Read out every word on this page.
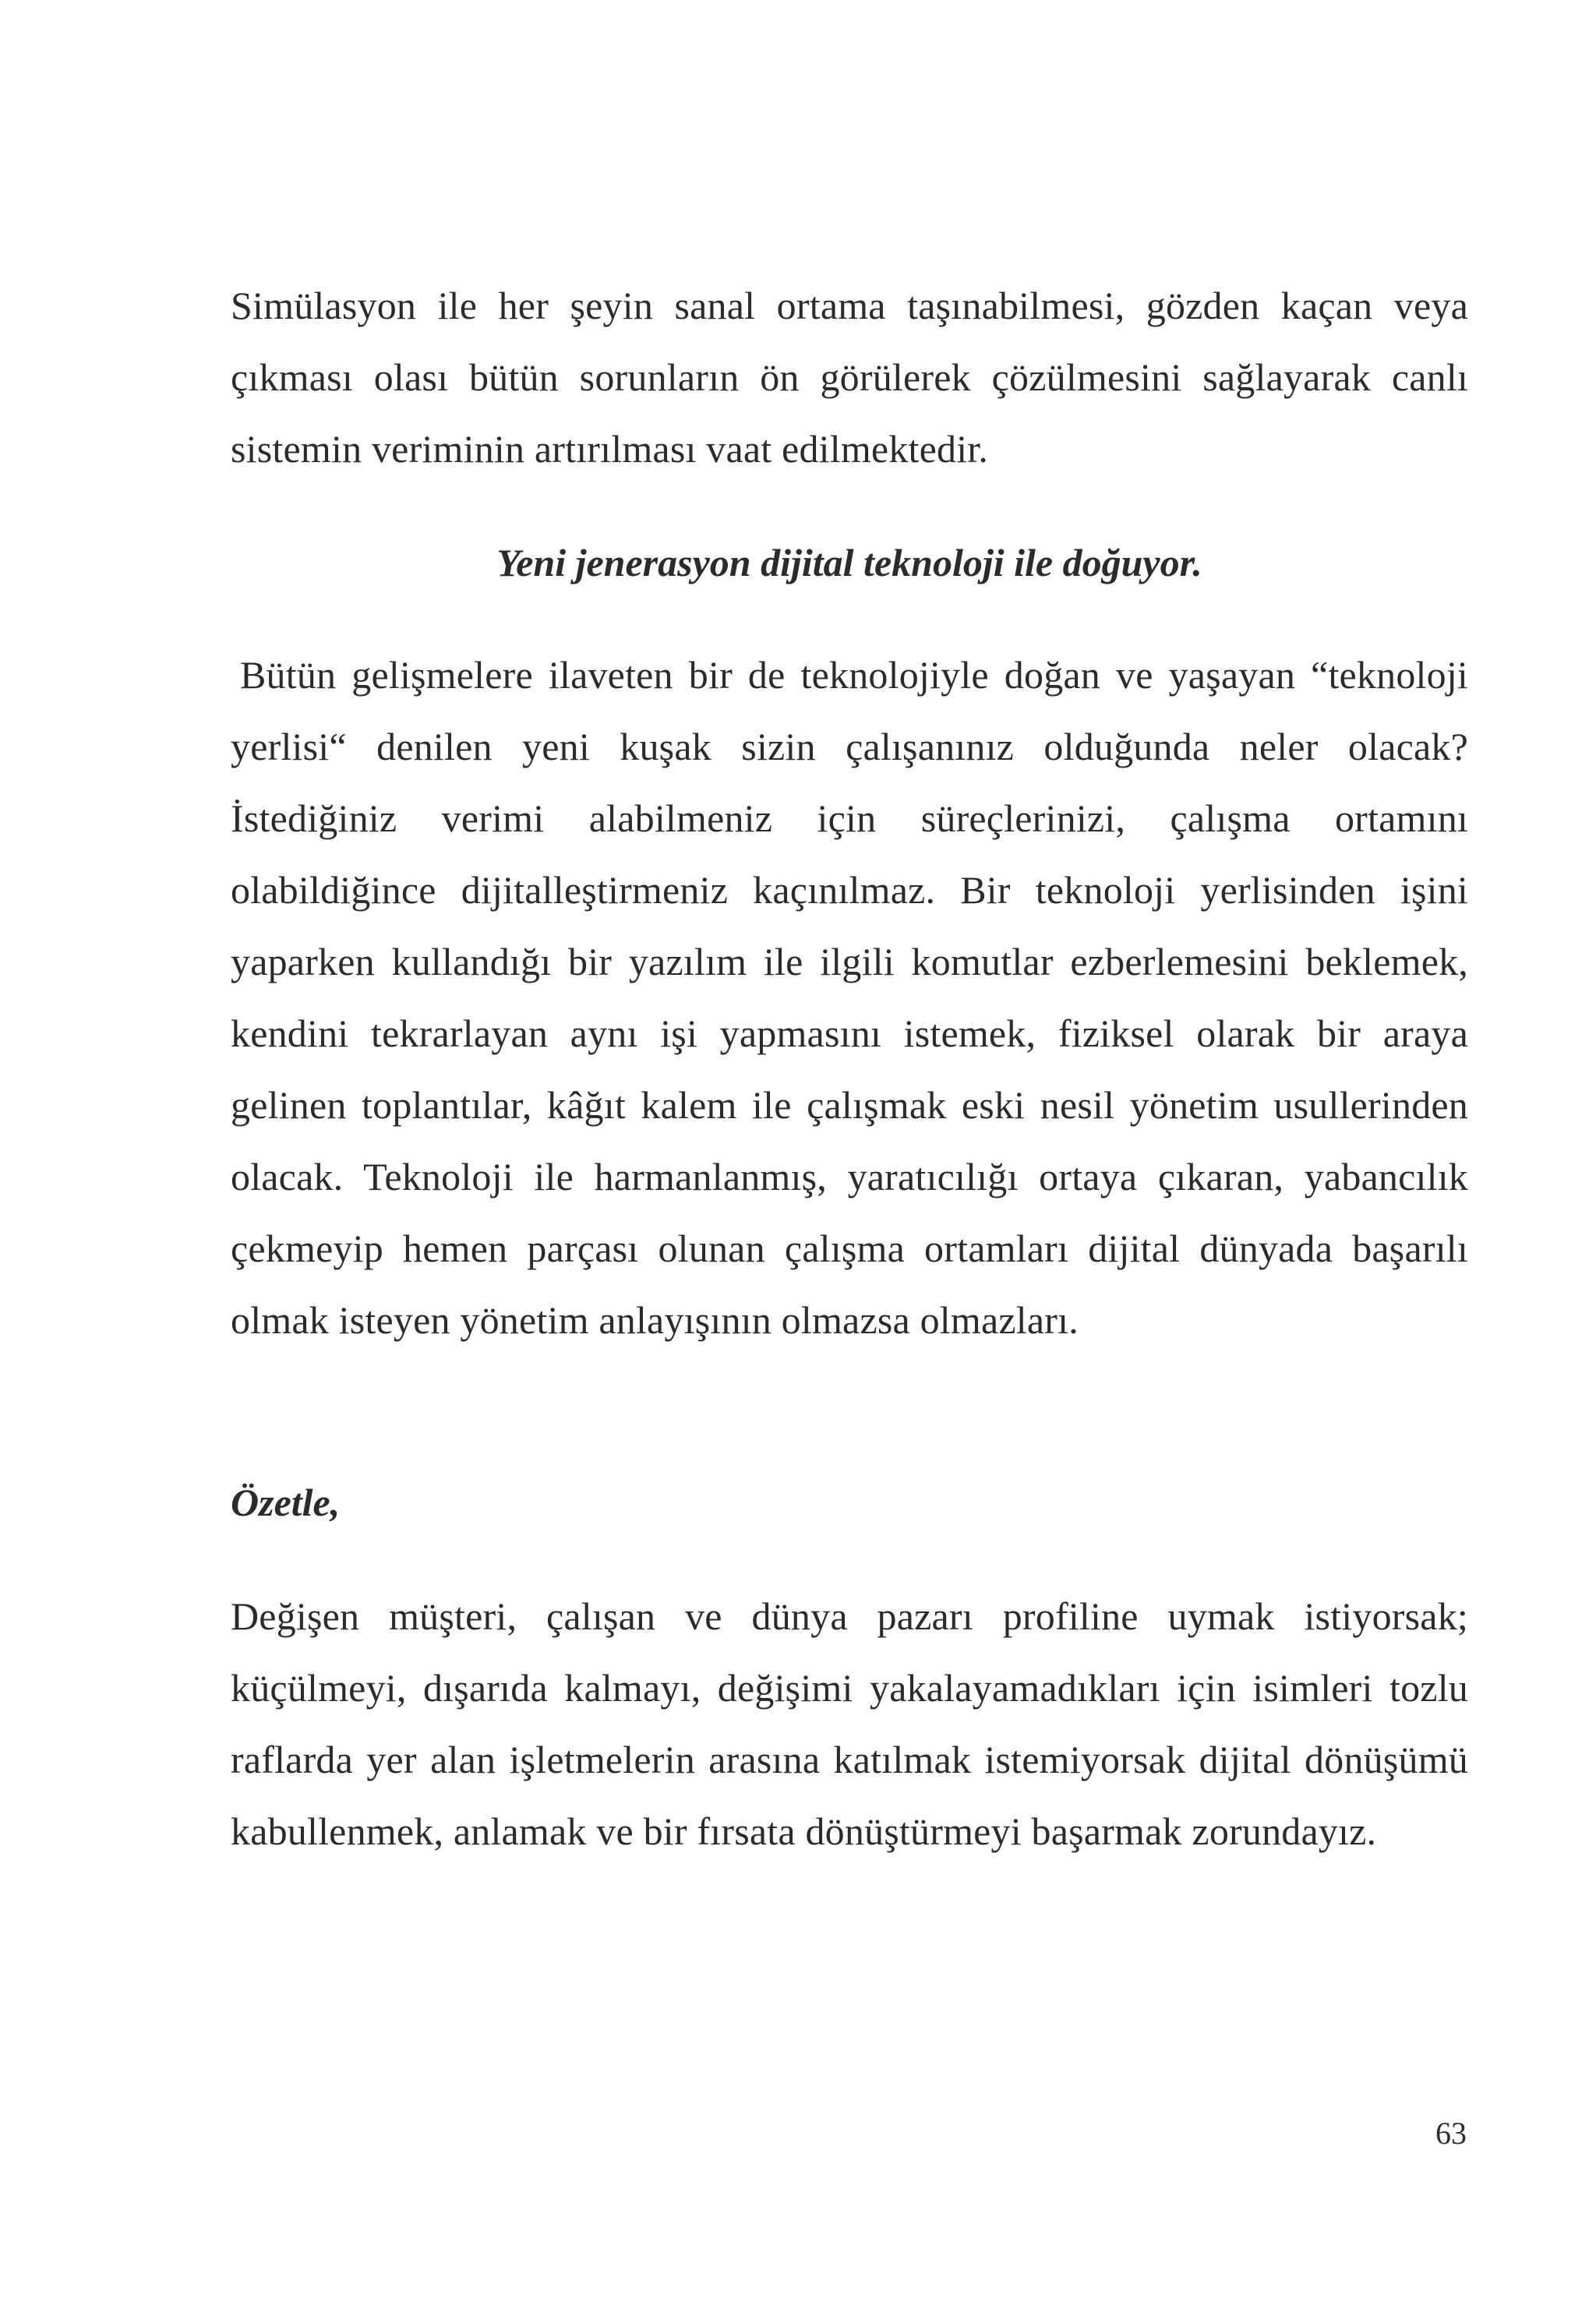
Simülasyon ile her şeyin sanal ortama taşınabilmesi, gözden kaçan veya çıkması olası bütün sorunların ön görülerek çözülmesini sağlayarak canlı sistemin veriminin artırılması vaat edilmektedir.

Yeni jenerasyon dijital teknoloji ile doğuyor.

Bütün gelişmelere ilaveten bir de teknolojiyle doğan ve yaşayan “teknoloji yerlisi“ denilen yeni kuşak sizin çalışanınız olduğunda neler olacak? İstediğiniz verimi alabilmeniz için süreçlerinizi, çalışma ortamını olabildiğince dijitalleştirmeniz kaçınılmaz. Bir teknoloji yerlisinden işini yaparken kullandığı bir yazılım ile ilgili komutlar ezberlemesini beklemek, kendini tekrarlayan aynı işi yapmasını istemek, fiziksel olarak bir araya gelinen toplantılar, kâğıt kalem ile çalışmak eski nesil yönetim usullerinden olacak. Teknoloji ile harmanlanmış, yaratıcılığı ortaya çıkaran, yabancılık çekmeyip hemen parçası olunan çalışma ortamları dijital dünyada başarılı olmak isteyen yönetim anlayışının olmazsa olmazları.

Özetle,

Değişen müşteri, çalışan ve dünya pazarı profiline uymak istiyorsak; küçülmeyi, dışarıda kalmayı, değişimi yakalayamadıkları için isimleri tozlu raflarda yer alan işletmelerin arasına katılmak istemiyorsak dijital dönüşümü kabullenmek, anlamak ve bir fırsata dönüştürmeyi başarmak zorundayız.

63
